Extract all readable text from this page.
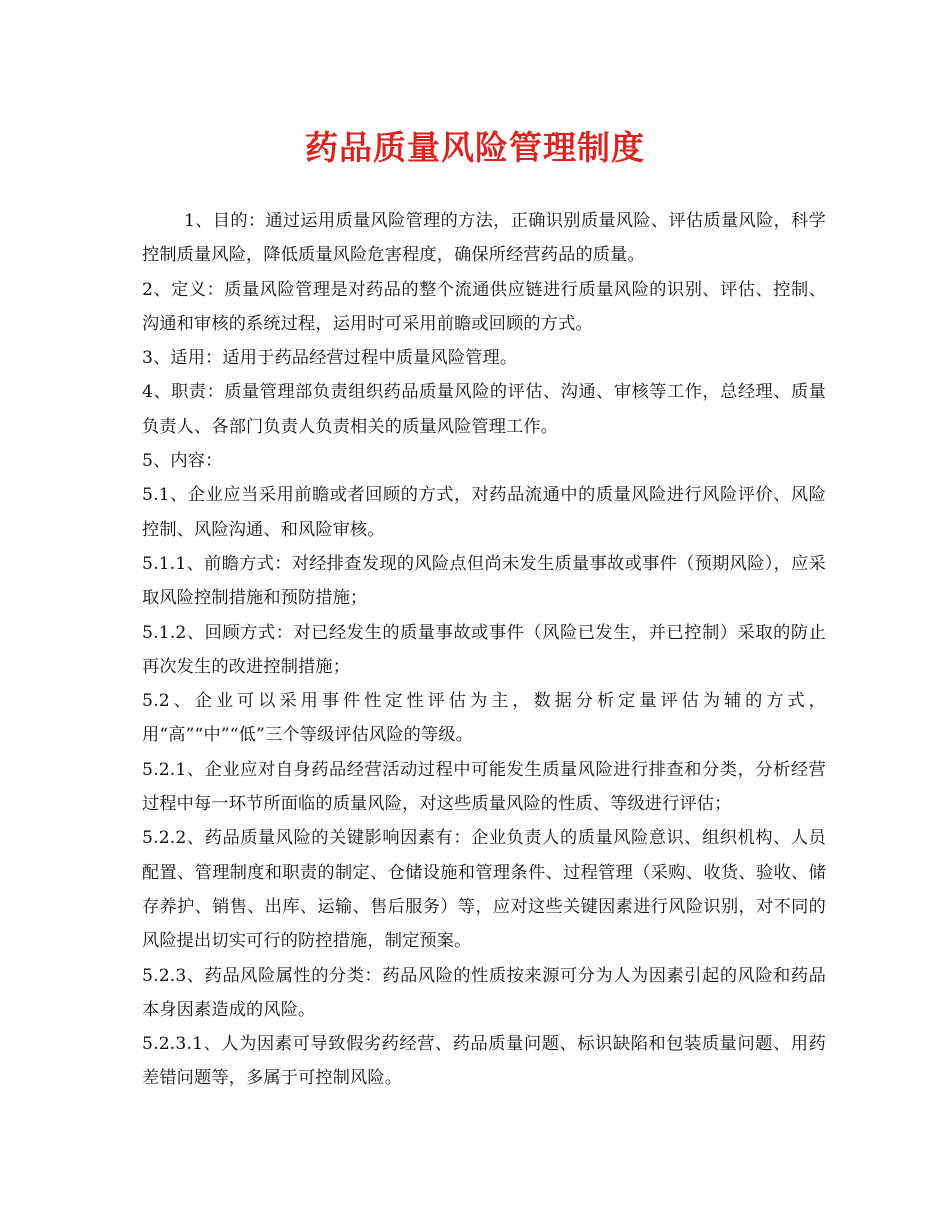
药品质量风险管理制度

1、目的：通过运用质量风险管理的方法，正确识别质量风险、评估质量风险，科学控制质量风险，降低质量风险危害程度，确保所经营药品的质量。

2、定义：质量风险管理是对药品的整个流通供应链进行质量风险的识别、评估、控制、沟通和审核的系统过程，运用时可采用前瞻或回顾的方式。

3、适用：适用于药品经营过程中质量风险管理。

4、职责：质量管理部负责组织药品质量风险的评估、沟通、审核等工作，总经理、质量负责人、各部门负责人负责相关的质量风险管理工作。

5、内容：

5.1、企业应当采用前瞻或者回顾的方式，对药品流通中的质量风险进行风险评价、风险控制、风险沟通、和风险审核。

5.1.1、前瞻方式：对经排查发现的风险点但尚未发生质量事故或事件（预期风险），应采取风险控制措施和预防措施；

5.1.2、回顾方式：对已经发生的质量事故或事件（风险已发生，并已控制）采取的防止再次发生的改进控制措施；

5.2、企业可以采用事件性定性评估为主，数据分析定量评估为辅的方式，用“高”“中”“低”三个等级评估风险的等级。

5.2.1、企业应对自身药品经营活动过程中可能发生质量风险进行排查和分类，分析经营过程中每一环节所面临的质量风险，对这些质量风险的性质、等级进行评估；

5.2.2、药品质量风险的关键影响因素有：企业负责人的质量风险意识、组织机构、人员配置、管理制度和职责的制定、仓储设施和管理条件、过程管理（采购、收货、验收、储存养护、销售、出库、运输、售后服务）等，应对这些关键因素进行风险识别，对不同的风险提出切实可行的防控措施，制定预案。

5.2.3、药品风险属性的分类：药品风险的性质按来源可分为人为因素引起的风险和药品本身因素造成的风险。

5.2.3.1、人为因素可导致假劣药经营、药品质量问题、标识缺陷和包装质量问题、用药差错问题等，多属于可控制风险。
